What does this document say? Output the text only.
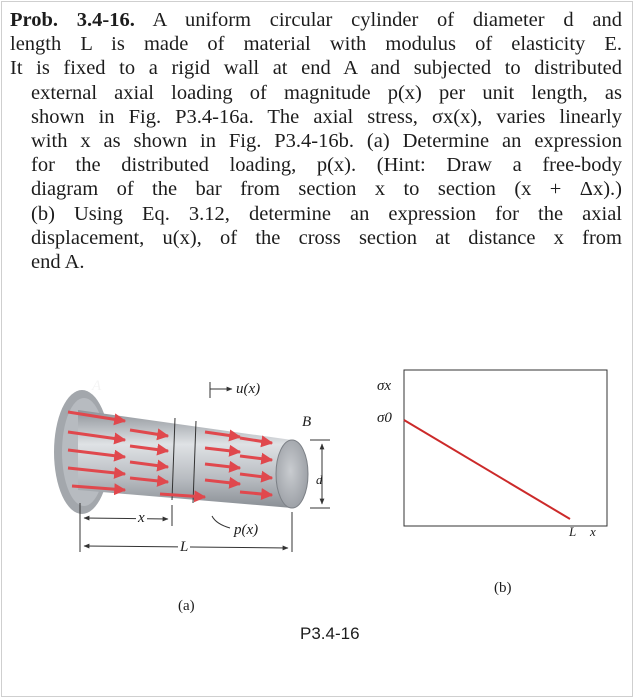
Prob. 3.4-16. A uniform circular cylinder of diameter d and
length L is made of material with modulus of elasticity E.
It is fixed to a rigid wall at end A and subjected to distributed
external axial loading of magnitude p(x) per unit length, as
shown in Fig. P3.4-16a. The axial stress, σx(x), varies linearly
with x as shown in Fig. P3.4-16b. (a) Determine an expression
for the distributed loading, p(x). (Hint: Draw a free-body
diagram of the bar from section x to section (x + Δx).)
(b) Using Eq. 3.12, determine an expression for the axial
displacement, u(x), of the cross section at distance x from
end A.
A	u(x)
B
d
x
p(x)
L
(a)
σx
σ0
L x
(b)
P3.4-16
